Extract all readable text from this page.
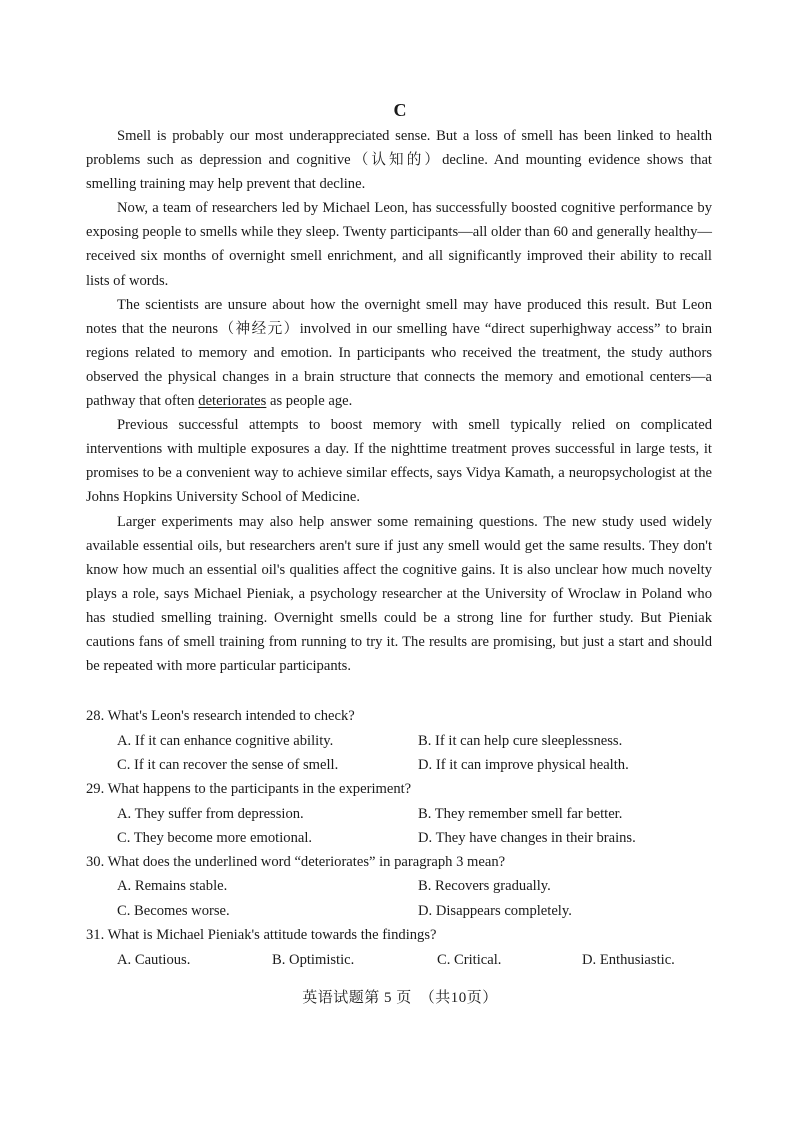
C

Smell is probably our most underappreciated sense. But a loss of smell has been linked to health problems such as depression and cognitive（认知的）decline. And mounting evidence shows that smelling training may help prevent that decline.

Now, a team of researchers led by Michael Leon, has successfully boosted cognitive performance by exposing people to smells while they sleep. Twenty participants—all older than 60 and generally healthy—received six months of overnight smell enrichment, and all significantly improved their ability to recall lists of words.

The scientists are unsure about how the overnight smell may have produced this result. But Leon notes that the neurons（神经元）involved in our smelling have “direct superhighway access” to brain regions related to memory and emotion. In participants who received the treatment, the study authors observed the physical changes in a brain structure that connects the memory and emotional centers—a pathway that often deteriorates as people age.

Previous successful attempts to boost memory with smell typically relied on complicated interventions with multiple exposures a day. If the nighttime treatment proves successful in large tests, it promises to be a convenient way to achieve similar effects, says Vidya Kamath, a neuropsychologist at the Johns Hopkins University School of Medicine.

Larger experiments may also help answer some remaining questions. The new study used widely available essential oils, but researchers aren't sure if just any smell would get the same results. They don't know how much an essential oil's qualities affect the cognitive gains. It is also unclear how much novelty plays a role, says Michael Pieniak, a psychology researcher at the University of Wroclaw in Poland who has studied smelling training. Overnight smells could be a strong line for further study. But Pieniak cautions fans of smell training from running to try it. The results are promising, but just a start and should be repeated with more particular participants.

28. What's Leon's research intended to check?
A. If it can enhance cognitive ability.	B. If it can help cure sleeplessness.
C. If it can recover the sense of smell.	D. If it can improve physical health.
29. What happens to the participants in the experiment?
A. They suffer from depression.	B. They remember smell far better.
C. They become more emotional.	D. They have changes in their brains.
30. What does the underlined word “deteriorates” in paragraph 3 mean?
A. Remains stable.	B. Recovers gradually.
C. Becomes worse.	D. Disappears completely.
31. What is Michael Pieniak's attitude towards the findings?
A. Cautious.	B. Optimistic.	C. Critical.	D. Enthusiastic.
英语试题第 5 页　（共10页）
